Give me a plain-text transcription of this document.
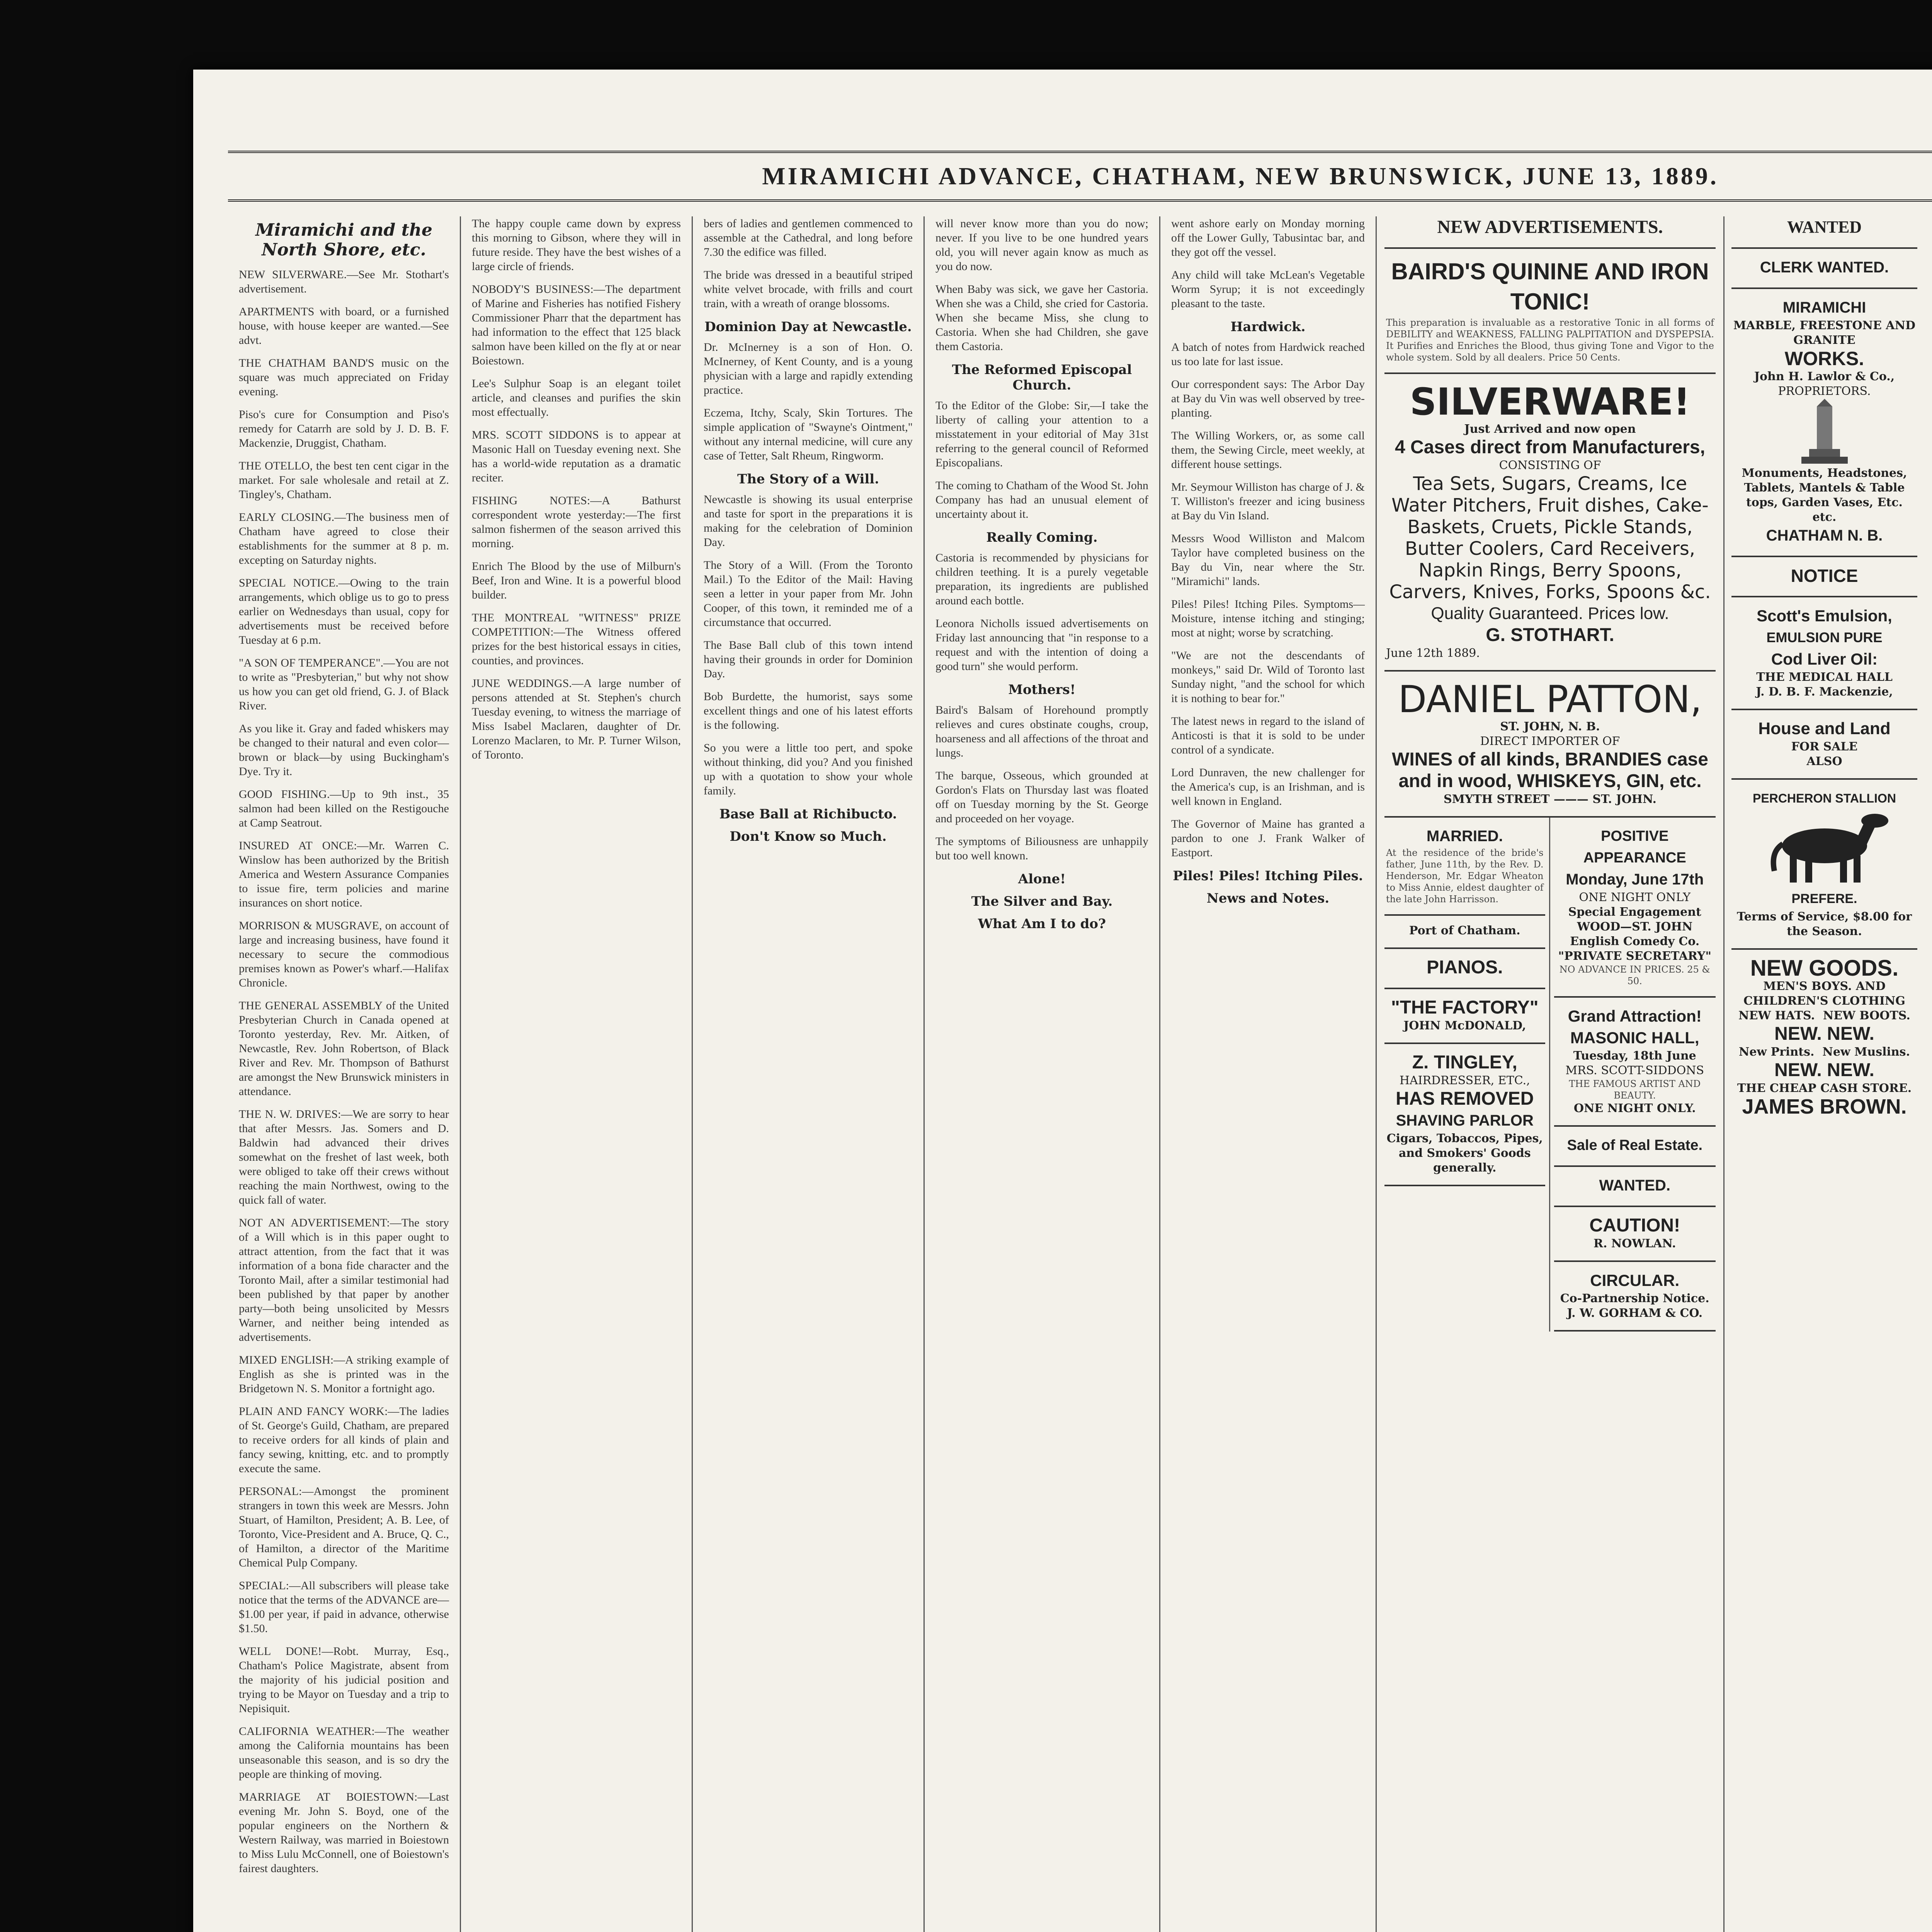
MIRAMICHI ADVANCE, CHATHAM, NEW BRUNSWICK, JUNE 13, 1889.
Miramichi and the North Shore, etc.

NEW SILVERWARE.—See Mr. Stothart's advertisement.

APARTMENTS with board, or a furnished house, with house keeper are wanted.—See advt.

THE CHATHAM BAND'S music on the square was much appreciated on Friday evening.

Piso's cure for Consumption and Piso's remedy for Catarrh are sold by J. D. B. F. Mackenzie, Druggist, Chatham.

THE OTELLO, the best ten cent cigar in the market. For sale wholesale and retail at Z. Tingley's, Chatham.

EARLY CLOSING.—The business men of Chatham have agreed to close their establishments for the summer at 8 p. m. excepting on Saturday nights.

SPECIAL NOTICE.—Owing to the train arrangements, which oblige us to go to press earlier on Wednesdays than usual, copy for advertisements must be received before Tuesday at 6 p.m.

"A SON OF TEMPERANCE".—You are not to write as "Presbyterian," but why not show us how you can get old friend, G. J. of Black River.

As you like it. Gray and faded whiskers may be changed to their natural and even color—brown or black—by using Buckingham's Dye. Try it.

GOOD FISHING.—Up to 9th inst., 35 salmon had been killed on the Restigouche at Camp Seatrout.

INSURED AT ONCE:—Mr. Warren C. Winslow has been authorized by the British America and Western Assurance Companies to issue fire, term policies and marine insurances on short notice.

MORRISON & MUSGRAVE, on account of large and increasing business, have found it necessary to secure the commodious premises known as Power's wharf.—Halifax Chronicle.

THE GENERAL ASSEMBLY of the United Presbyterian Church in Canada opened at Toronto yesterday, Rev. Mr. Aitken, of Newcastle, Rev. John Robertson, of Black River and Rev. Mr. Thompson of Bathurst are amongst the New Brunswick ministers in attendance.

THE N. W. DRIVES:—We are sorry to hear that after Messrs. Jas. Somers and D. Baldwin had advanced their drives somewhat on the freshet of last week, both were obliged to take off their crews without reaching the main Northwest, owing to the quick fall of water.

NOT AN ADVERTISEMENT:—The story of a Will which is in this paper ought to attract attention, from the fact that it was information of a bona fide character and the Toronto Mail, after a similar testimonial had been published by that paper by another party—both being unsolicited by Messrs Warner, and neither being intended as advertisements.

MIXED ENGLISH:—A striking example of English as she is printed was in the Bridgetown N. S. Monitor a fortnight ago.

PLAIN AND FANCY WORK:—The ladies of St. George's Guild, Chatham, are prepared to receive orders for all kinds of plain and fancy sewing, knitting, etc. and to promptly execute the same.

PERSONAL:—Amongst the prominent strangers in town this week are Messrs. John Stuart, of Hamilton, President; A. B. Lee, of Toronto, Vice-President and A. Bruce, Q. C., of Hamilton, a director of the Maritime Chemical Pulp Company.

SPECIAL:—All subscribers will please take notice that the terms of the ADVANCE are—$1.00 per year, if paid in advance, otherwise $1.50.

WELL DONE!—Robt. Murray, Esq., Chatham's Police Magistrate, absent from the majority of his judicial position and trying to be Mayor on Tuesday and a trip to Nepisiquit.

CALIFORNIA WEATHER:—The weather among the California mountains has been unseasonable this season, and is so dry the people are thinking of moving.

MARRIAGE AT BOIESTOWN:—Last evening Mr. John S. Boyd, one of the popular engineers on the Northern & Western Railway, was married in Boiestown to Miss Lulu McConnell, one of Boiestown's fairest daughters.

The happy couple came down by express this morning to Gibson, where they will in future reside. They have the best wishes of a large circle of friends.

NOBODY'S BUSINESS:—The department of Marine and Fisheries has notified Fishery Commissioner Pharr that the department has had information to the effect that 125 black salmon have been killed on the fly at or near Boiestown.

Lee's Sulphur Soap is an elegant toilet article, and cleanses and purifies the skin most effectually.

MRS. SCOTT SIDDONS is to appear at Masonic Hall on Tuesday evening next. She has a world-wide reputation as a dramatic reciter.

FISHING NOTES:—A Bathurst correspondent wrote yesterday:—The first salmon fishermen of the season arrived this morning.

Enrich The Blood by the use of Milburn's Beef, Iron and Wine. It is a powerful blood builder.

THE MONTREAL "WITNESS" PRIZE COMPETITION:—The Witness offered prizes for the best historical essays in cities, counties, and provinces.

JUNE WEDDINGS.—A large number of persons attended at St. Stephen's church Tuesday evening, to witness the marriage of Miss Isabel Maclaren, daughter of Dr. Lorenzo Maclaren, to Mr. P. Turner Wilson, of Toronto.

bers of ladies and gentlemen commenced to assemble at the Cathedral, and long before 7.30 the edifice was filled.

The bride was dressed in a beautiful striped white velvet brocade, with frills and court train, with a wreath of orange blossoms.

Dominion Day at Newcastle.

Dr. McInerney is a son of Hon. O. McInerney, of Kent County, and is a young physician with a large and rapidly extending practice.

Eczema, Itchy, Scaly, Skin Tortures. The simple application of "Swayne's Ointment," without any internal medicine, will cure any case of Tetter, Salt Rheum, Ringworm.

The Story of a Will.

Newcastle is showing its usual enterprise and taste for sport in the preparations it is making for the celebration of Dominion Day.

The Story of a Will. (From the Toronto Mail.) To the Editor of the Mail: Having seen a letter in your paper from Mr. John Cooper, of this town, it reminded me of a circumstance that occurred.

The Base Ball club of this town intend having their grounds in order for Dominion Day.

Bob Burdette, the humorist, says some excellent things and one of his latest efforts is the following.

So you were a little too pert, and spoke without thinking, did you? And you finished up with a quotation to show your whole family.

Base Ball at Richibucto.
Don't Know so Much.

will never know more than you do now; never. If you live to be one hundred years old, you will never again know as much as you do now.

When Baby was sick, we gave her Castoria. When she was a Child, she cried for Castoria. When she became Miss, she clung to Castoria. When she had Children, she gave them Castoria.

The Reformed Episcopal Church.

To the Editor of the Globe: Sir,—I take the liberty of calling your attention to a misstatement in your editorial of May 31st referring to the general council of Reformed Episcopalians.

The coming to Chatham of the Wood St. John Company has had an unusual element of uncertainty about it.

Really Coming.

Castoria is recommended by physicians for children teething. It is a purely vegetable preparation, its ingredients are published around each bottle.

Leonora Nicholls issued advertisements on Friday last announcing that "in response to a request and with the intention of doing a good turn" she would perform.

Mothers!

Baird's Balsam of Horehound promptly relieves and cures obstinate coughs, croup, hoarseness and all affections of the throat and lungs.

The barque, Osseous, which grounded at Gordon's Flats on Thursday last was floated off on Tuesday morning by the St. George and proceeded on her voyage.

The symptoms of Biliousness are unhappily but too well known.

Alone!
The Silver and Bay.
What Am I to do?

went ashore early on Monday morning off the Lower Gully, Tabusintac bar, and they got off the vessel.

Any child will take McLean's Vegetable Worm Syrup; it is not exceedingly pleasant to the taste.

Hardwick.

A batch of notes from Hardwick reached us too late for last issue.

Our correspondent says: The Arbor Day at Bay du Vin was well observed by tree-planting.

The Willing Workers, or, as some call them, the Sewing Circle, meet weekly, at different house settings.

Mr. Seymour Williston has charge of J. & T. Williston's freezer and icing business at Bay du Vin Island.

Messrs Wood Williston and Malcom Taylor have completed business on the Bay du Vin, near where the Str. "Miramichi" lands.

Piles! Piles! Itching Piles. Symptoms—Moisture, intense itching and stinging; most at night; worse by scratching.

"We are not the descendants of monkeys," said Dr. Wild of Toronto last Sunday night, "and the school for which it is nothing to bear for."

The latest news in regard to the island of Anticosti is that it is sold to be under control of a syndicate.

Lord Dunraven, the new challenger for the America's cup, is an Irishman, and is well known in England.

The Governor of Maine has granted a pardon to one J. Frank Walker of Eastport.

Piles! Piles! Itching Piles.
News and Notes.
NEW ADVERTISEMENTS.
BAIRD'S QUININE AND IRON TONIC!
This preparation is invaluable as a restorative Tonic in all forms of DEBILITY and WEAKNESS, FALLING PALPITATION and DYSPEPSIA. It Purifies and Enriches the Blood, thus giving Tone and Vigor to the whole system. Sold by all dealers. Price 50 Cents.
SILVERWARE!
Just Arrived and now open
4 Cases direct from Manufacturers,
CONSISTING OF
Tea Sets, Sugars, Creams, Ice Water Pitchers, Fruit dishes, Cake-Baskets, Cruets, Pickle Stands, Butter Coolers, Card Receivers, Napkin Rings, Berry Spoons, Carvers, Knives, Forks, Spoons &c.
Quality Guaranteed. Prices low.
G. STOTHART.
June 12th 1889.
DANIEL PATTON,
ST. JOHN, N. B.
DIRECT IMPORTER OF
WINES of all kinds, BRANDIES case and in wood, WHISKEYS, GIN, etc.
SMYTH STREET ——— ST. JOHN.
MARRIED.
At the residence of the bride's father, June 11th, by the Rev. D. Henderson, Mr. Edgar Wheaton to Miss Annie, eldest daughter of the late John Harrisson.
Port of Chatham.
PIANOS.
"THE FACTORY"
JOHN McDONALD,
Z. TINGLEY,
HAIRDRESSER, ETC.,
HAS REMOVED
SHAVING PARLOR
Cigars, Tobaccos, Pipes, and Smokers' Goods generally.
POSITIVE APPEARANCE
Monday, June 17th
ONE NIGHT ONLY
Special Engagement
WOOD—ST. JOHN English Comedy Co.
"PRIVATE SECRETARY"
NO ADVANCE IN PRICES. 25 & 50.
Grand Attraction!
MASONIC HALL,
Tuesday, 18th June
MRS. SCOTT-SIDDONS
THE FAMOUS ARTIST AND BEAUTY.
ONE NIGHT ONLY.
Sale of Real Estate.
WANTED.
CAUTION!
R. NOWLAN.
CIRCULAR.
Co-Partnership Notice.
J. W. GORHAM & CO.
WANTED
CLERK WANTED.
MIRAMICHI
MARBLE, FREESTONE AND GRANITE
WORKS.
John H. Lawlor & Co.,
PROPRIETORS.
Monuments, Headstones, Tablets, Mantels & Table tops, Garden Vases, Etc. etc.
CHATHAM N. B.
NOTICE
Scott's Emulsion,
EMULSION PURE
Cod Liver Oil:
THE MEDICAL HALL
J. D. B. F. Mackenzie,
House and Land
FOR SALE
ALSO
PERCHERON STALLION
PREFERE.
Terms of Service, $8.00 for the Season.
NEW GOODS.
MEN'S BOYS. AND CHILDREN'S CLOTHING
NEW HATS. NEW BOOTS.
NEW. NEW.
New Prints. New Muslins.
NEW. NEW.
THE CHEAP CASH STORE.
JAMES BROWN.
